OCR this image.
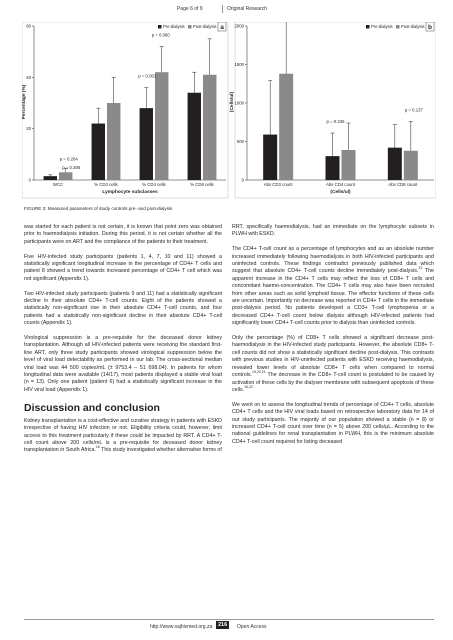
Page 6 of 9	Original Research
0
20
40
60
Percentage (%)
WCC	% CD3 cells	% CD4 cells	% CD8 cells
Lymphocyte subclasses
p = 0.306
p = 0.264
p = 0.001
p = 0.080
Pre-dialysis Post-dialysis a
0
500
1000
1500
2000
(Cells/ul)
Abs CD3 count	Abs CD4 count	Abs CD8 count
(Cells/ul)
p = 0.236
p = 0.137
Pre-dialysis Post-dialysis b
FIGURE 3: Measured parameters of study controls pre- and post-dialysis

was started for each patient is not certain, it is known that point zero was obtained prior to haemodialysis initiation. During this period, it is not certain whether all the participants were on ART and the compliance of the patients to their treatment.

Five HIV-infected study participants (patients 1, 4, 7, 10 and 11) showed a statistically significant longitudinal increase in the percentage of CD4+ T cells and patient 8 showed a trend towards increased percentage of CD4+ T cell which was not significant (Appendix 1).

Two HIV-infected study participants (patients 9 and 11) had a statistically significant decline in their absolute CD4+ T-cell counts. Eight of the patients showed a statistically non-significant rise in their absolute CD4+ T-cell counts, and four patients had a statistically non-significant decline in their absolute CD4+ T-cell counts (Appendix 1).

Virological suppression is a pre-requisite for the deceased donor kidney transplantation. Although all HIV-infected patients were receiving the standard first-line ART, only three study participants showed virological suppression below the level of viral load detectability as performed in our lab. The cross-sectional median viral load was 44 500 copies/mL (± 9753.4 – 51 698.04). In patients for whom longitudinal data were available (14/17), most patients displayed a stable viral load (n = 13). Only one patient (patient 6) had a statistically significant increase in the HIV viral load (Appendix 1).

Discussion and conclusion

Kidney transplantation is a cost-effective and curative strategy in patients with ESKD irrespective of having HIV infection or not. Eligibility criteria could, however, limit access to this treatment particularly if these could be impacted by RRT. A CD4+ T-cell count above 200 cells/mL is a pre-requisite for deceased donor kidney transplantation in South Africa.$^{16}$ This study investigated whether alternative forms of

RRT, specifically haemodialysis, had an immediate on the lymphocyte subsets in PLWH with ESKD.

The CD4+ T-cell count as a percentage of lymphocytes and as an absolute number increased immediately following haemodialysis in both HIV-infected participants and uninfected controls. These findings contradict previously published data which suggest that absolute CD4+ T-cell counts decline immediately post-dialysis.$^{13}$ The apparent increase in the CD4+ T cells may reflect the loss of CD8+ T cells and concomitant haemo-concentration. The CD4+ T cells may also have been recruited from other areas such as solid lymphoid tissue. The effector functions of these cells are uncertain. Importantly no decrease was reported in CD4+ T cells in the immediate post-dialysis period. No patients developed a CD3+ T-cell lymphopenia or a decreased CD4+ T-cell count below dialysis although HIV-infected patients had significantly lower CD4+ T-cell counts prior to dialysis than uninfected controls.

Only the percentage (%) of CD8+ T cells showed a significant decrease post-haemodialysis in the HIV-infected study participants. However, the absolute CD8+ T-cell counts did not show a statistically significant decline post-dialysis. This contrasts with previous studies in HIV-uninfected patients with ESKD receiving haemodialysis, revealed lower levels of absolute CD8+ T cells when compared to normal controls.$^{19,20,21}$ The decrease in the CD8+ T-cell count is postulated to be caused by activation of these cells by the dialyser membrane with subsequent apoptosis of these cells.$^{19,22}$

We went on to assess the longitudinal trends of percentage of CD4+ T cells, absolute CD4+ T cells and the HIV viral loads based on retrospective laboratory data for 14 of our study participants. The majority of our population showed a stable (n = 8) or increased CD4+ T-cell count over time (n = 5) above 200 cells/μL. According to the national guidelines for renal transplantation in PLWH, this is the minimum absolute CD4+ T-cell count required for listing deceased

http://www.sajhivmed.org.za	216	Open Access
